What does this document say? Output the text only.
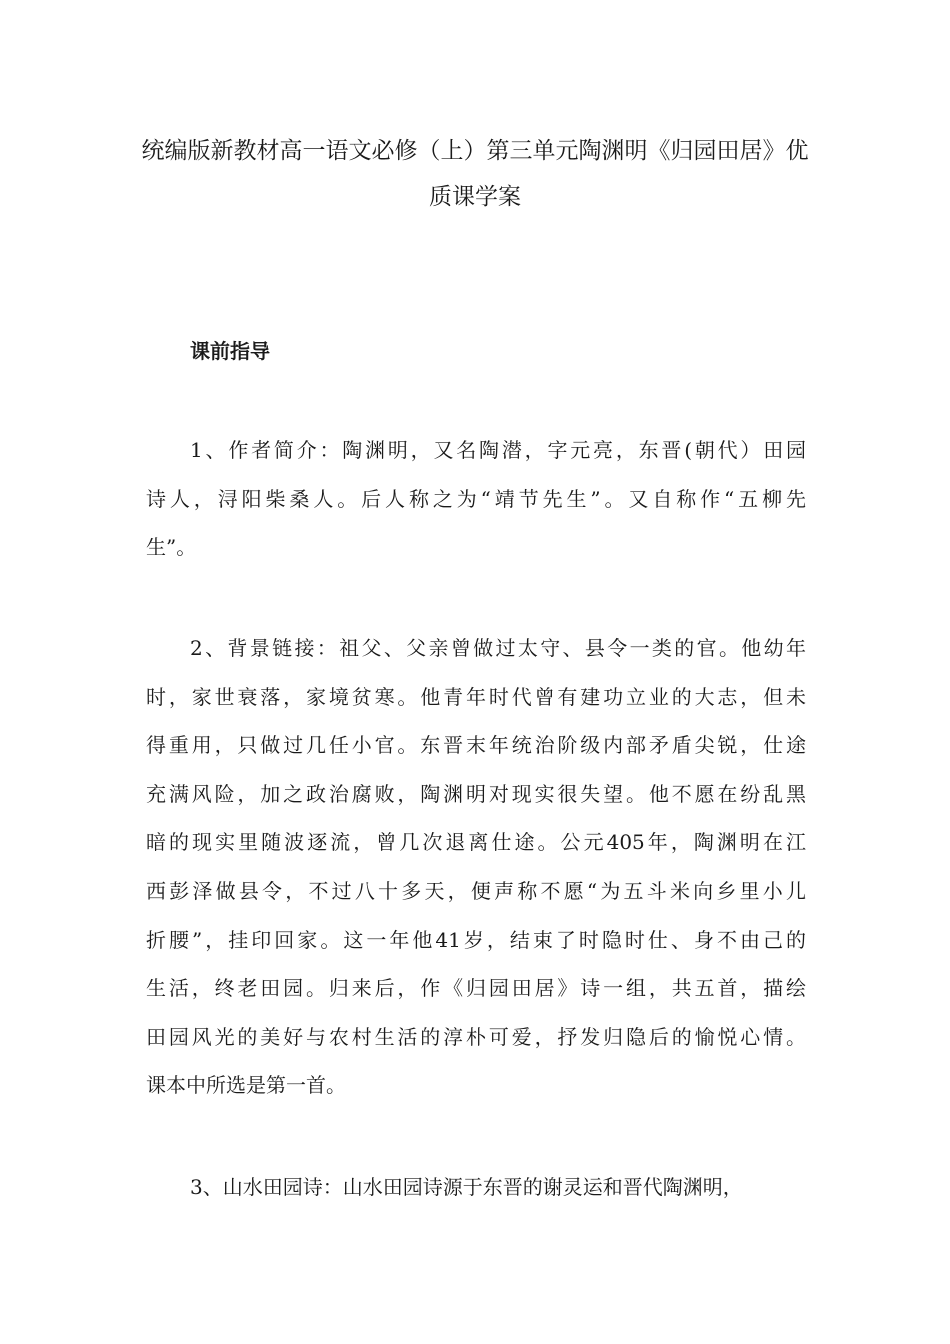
统编版新教材高一语文必修（上）第三单元陶渊明《归园田居》优
质课学案
课前指导

1、作者简介：陶渊明，又名陶潜，字元亮，东晋(朝代）田园
诗人，浔阳柴桑人。后人称之为“靖节先生”。又自称作“五柳先
生”。

2、背景链接：祖父、父亲曾做过太守、县令一类的官。他幼年
时，家世衰落，家境贫寒。他青年时代曾有建功立业的大志，但未
得重用，只做过几任小官。东晋末年统治阶级内部矛盾尖锐，仕途
充满风险，加之政治腐败，陶渊明对现实很失望。他不愿在纷乱黑
暗的现实里随波逐流，曾几次退离仕途。公元405年，陶渊明在江
西彭泽做县令，不过八十多天，便声称不愿“为五斗米向乡里小儿
折腰”，挂印回家。这一年他41岁，结束了时隐时仕、身不由己的
生活，终老田园。归来后，作《归园田居》诗一组，共五首，描绘
田园风光的美好与农村生活的淳朴可爱，抒发归隐后的愉悦心情。
课本中所选是第一首。

3、山水田园诗：山水田园诗源于东晋的谢灵运和晋代陶渊明，
